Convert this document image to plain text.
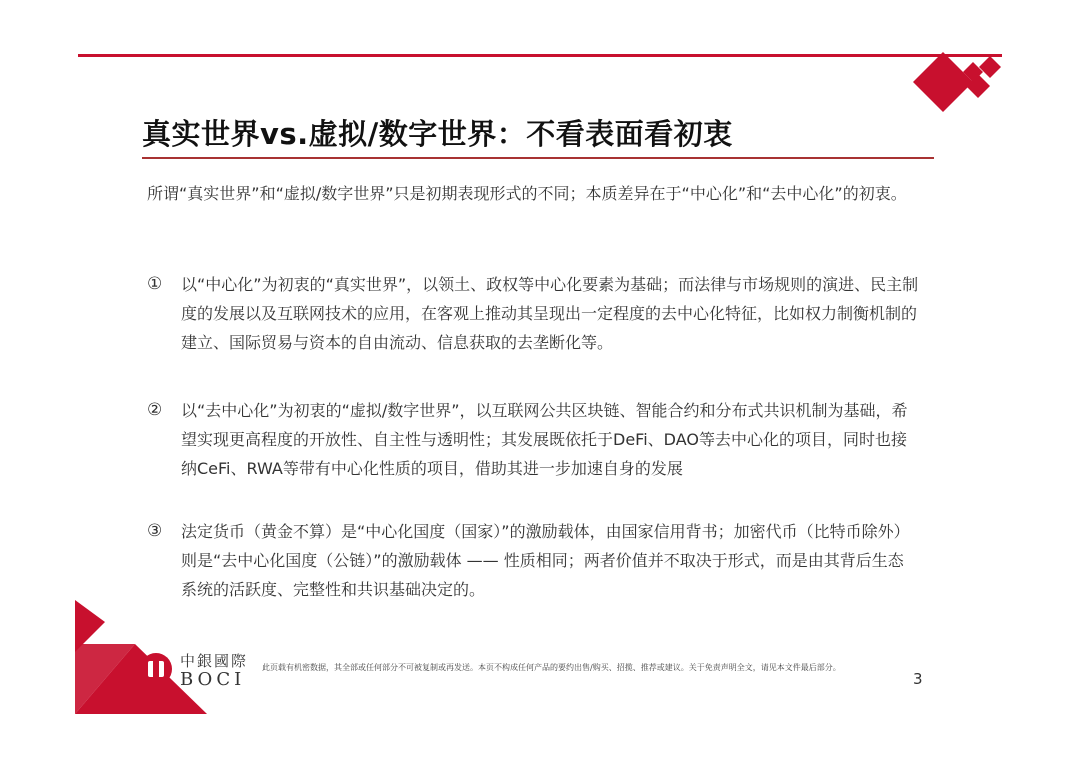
真实世界vs.虚拟/数字世界：不看表面看初衷
所谓“真实世界”和“虚拟/数字世界”只是初期表现形式的不同；本质差异在于“中心化”和“去中心化”的初衷。
①	以“中心化”为初衷的“真实世界”，以领土、政权等中心化要素为基础；而法律与市场规则的演进、民主制度的发展以及互联网技术的应用，在客观上推动其呈现出一定程度的去中心化特征，比如权力制衡机制的建立、国际贸易与资本的自由流动、信息获取的去垄断化等。
②	以“去中心化”为初衷的“虚拟/数字世界”，以互联网公共区块链、智能合约和分布式共识机制为基础，希望实现更高程度的开放性、自主性与透明性；其发展既依托于DeFi、DAO等去中心化的项目，同时也接纳CeFi、RWA等带有中心化性质的项目，借助其进一步加速自身的发展
③	法定货币（黄金不算）是“中心化国度（国家）”的激励载体，由国家信用背书；加密代币（比特币除外）则是“去中心化国度（公链）”的激励载体 —— 性质相同；两者价值并不取决于形式，而是由其背后生态系统的活跃度、完整性和共识基础决定的。
中銀國際
BOCI
此页载有机密数据，其全部或任何部分不可被复制或再发送。本页不构成任何产品的要约出售/购买、招揽、推荐或建议。关于免责声明全文，请见本文件最后部分。
3
